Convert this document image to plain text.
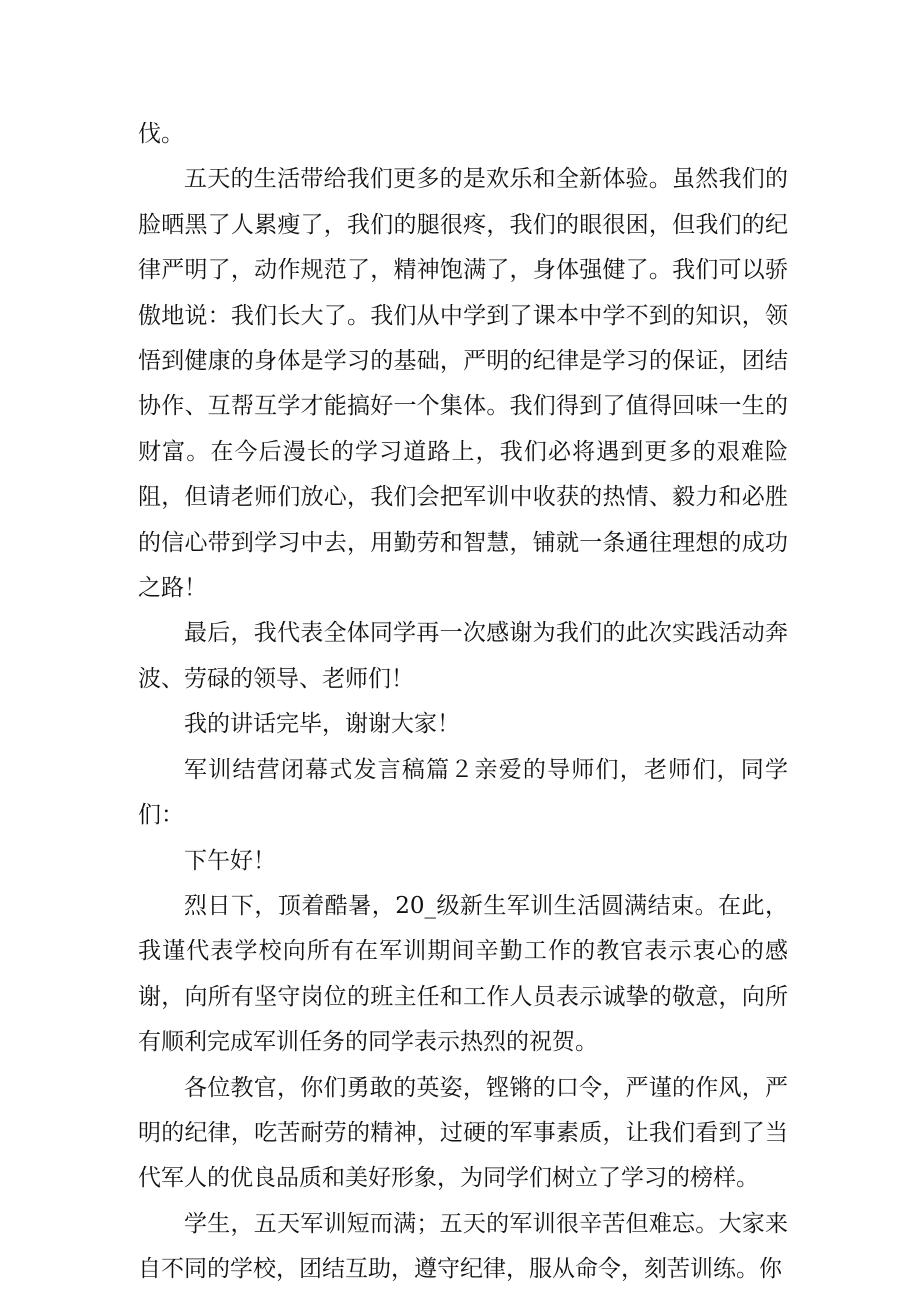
伐。

五天的生活带给我们更多的是欢乐和全新体验。虽然我们的脸晒黑了人累瘦了，我们的腿很疼，我们的眼很困，但我们的纪律严明了，动作规范了，精神饱满了，身体强健了。我们可以骄傲地说：我们长大了。我们从中学到了课本中学不到的知识，领悟到健康的身体是学习的基础，严明的纪律是学习的保证，团结协作、互帮互学才能搞好一个集体。我们得到了值得回味一生的财富。在今后漫长的学习道路上，我们必将遇到更多的艰难险阻，但请老师们放心，我们会把军训中收获的热情、毅力和必胜的信心带到学习中去，用勤劳和智慧，铺就一条通往理想的成功之路！

最后，我代表全体同学再一次感谢为我们的此次实践活动奔波、劳碌的领导、老师们！

我的讲话完毕，谢谢大家！

军训结营闭幕式发言稿篇２亲爱的导师们，老师们，同学们：

下午好！

烈日下，顶着酷暑，20_级新生军训生活圆满结束。在此，我谨代表学校向所有在军训期间辛勤工作的教官表示衷心的感谢，向所有坚守岗位的班主任和工作人员表示诚挚的敬意，向所有顺利完成军训任务的同学表示热烈的祝贺。

各位教官，你们勇敢的英姿，铿锵的口令，严谨的作风，严明的纪律，吃苦耐劳的精神，过硬的军事素质，让我们看到了当代军人的优良品质和美好形象，为同学们树立了学习的榜样。

学生，五天军训短而满；五天的军训很辛苦但难忘。大家来自不同的学校，团结互助，遵守纪律，服从命令，刻苦训练。你
